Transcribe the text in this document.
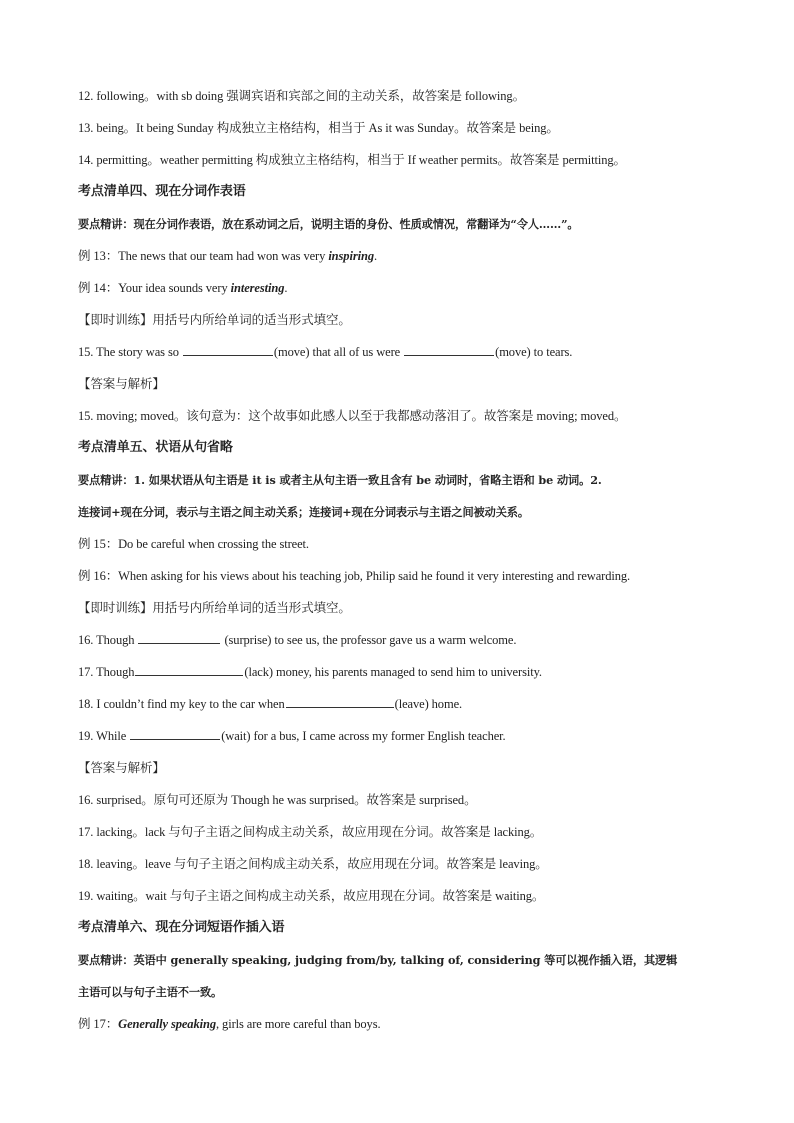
12. following。with sb doing 强调宾语和宾部之间的主动关系，故答案是 following。
13. being。It being Sunday 构成独立主格结构，相当于 As it was Sunday。故答案是 being。
14. permitting。weather permitting 构成独立主格结构，相当于 If weather permits。故答案是 permitting。
考点清单四、现在分词作表语
要点精讲：现在分词作表语，放在系动词之后，说明主语的身份、性质或情况，常翻译为“令人……”。
例 13：The news that our team had won was very inspiring.
例 14：Your idea sounds very interesting.
【即时训练】用括号内所给单词的适当形式填空。
15. The story was so	(move) that all of us were	(move) to tears.
【答案与解析】
15. moving; moved。该句意为：这个故事如此感人以至于我都感动落泪了。故答案是 moving; moved。
考点清单五、状语从句省略
要点精讲：1. 如果状语从句主语是 it is 或者主从句主语一致且含有 be 动词时，省略主语和 be 动词。2.
连接词+现在分词，表示与主语之间主动关系；连接词+现在分词表示与主语之间被动关系。
例 15：Do be careful when crossing the street.
例 16：When asking for his views about his teaching job, Philip said he found it very interesting and rewarding.
【即时训练】用括号内所给单词的适当形式填空。
16. Though	(surprise) to see us, the professor gave us a warm welcome.
17. Though	(lack) money, his parents managed to send him to university.
18. I couldn’t find my key to the car when	(leave) home.
19. While	(wait) for a bus, I came across my former English teacher.
【答案与解析】
16. surprised。原句可还原为 Though he was surprised。故答案是 surprised。
17. lacking。lack 与句子主语之间构成主动关系，故应用现在分词。故答案是 lacking。
18. leaving。leave 与句子主语之间构成主动关系，故应用现在分词。故答案是 leaving。
19. waiting。wait 与句子主语之间构成主动关系，故应用现在分词。故答案是 waiting。
考点清单六、现在分词短语作插入语
要点精讲：英语中 generally speaking, judging from/by, talking of, considering 等可以视作插入语，其逻辑
主语可以与句子主语不一致。
例 17：Generally speaking, girls are more careful than boys.
